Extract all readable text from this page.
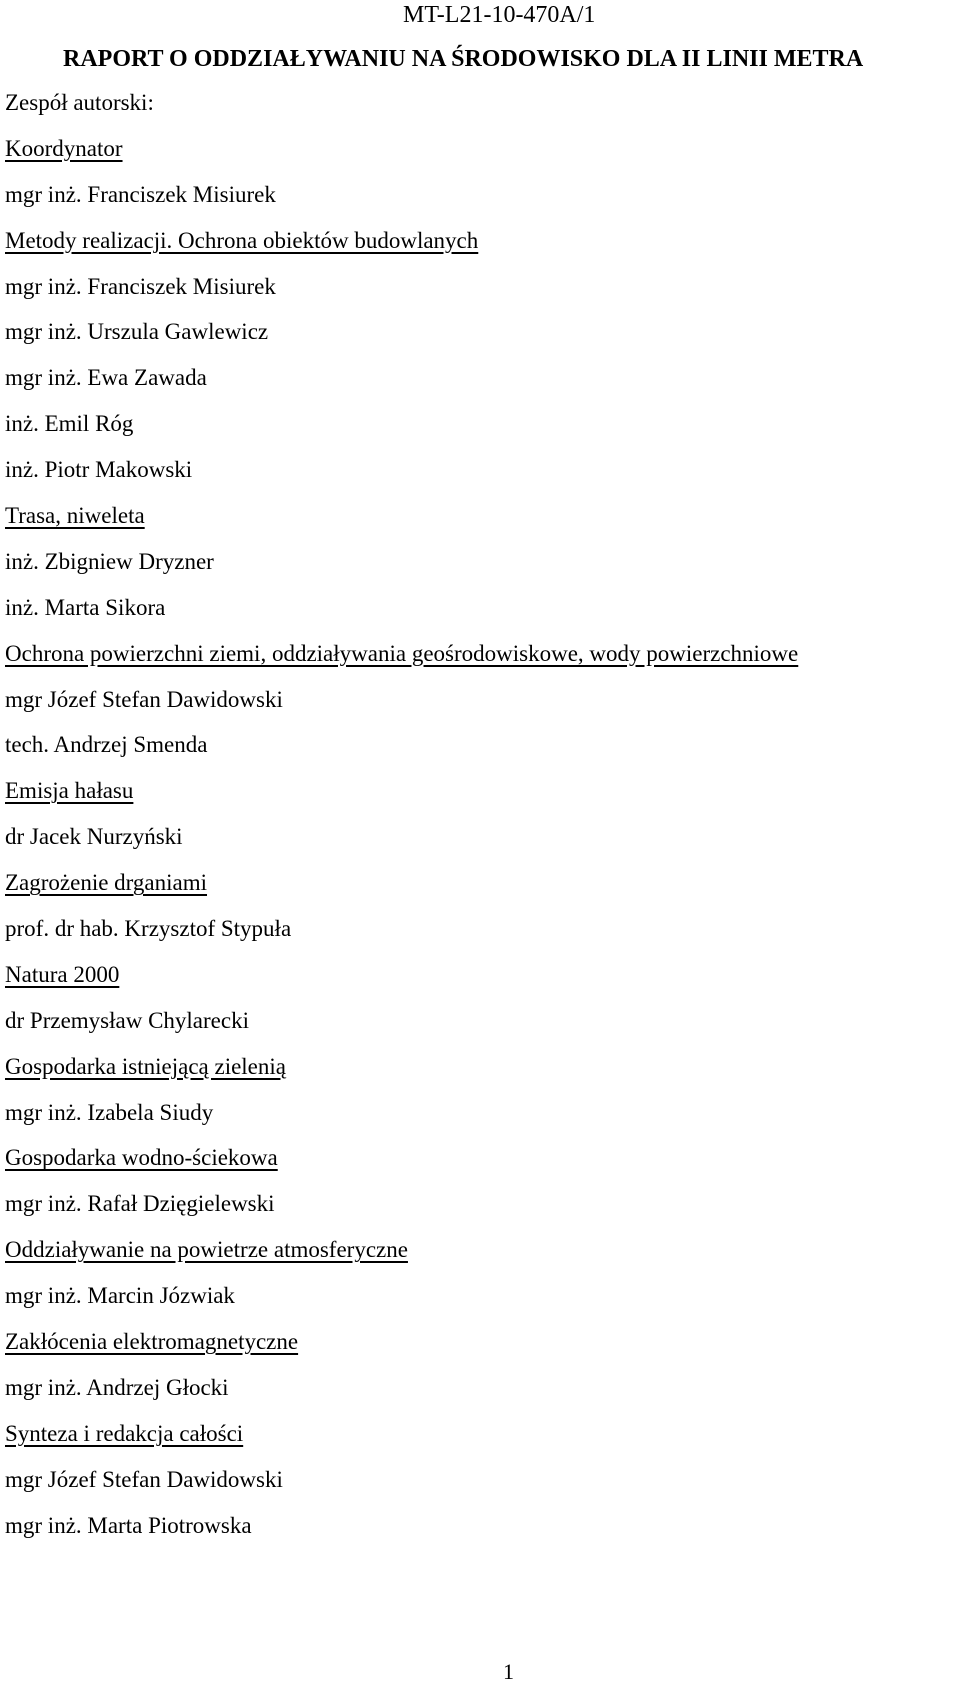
MT-L21-10-470A/1
RAPORT O ODDZIAŁYWANIU NA ŚRODOWISKO DLA II LINII METRA
Zespół autorski:
Koordynator
mgr inż. Franciszek Misiurek
Metody realizacji. Ochrona obiektów budowlanych
mgr inż. Franciszek Misiurek
mgr inż. Urszula Gawlewicz
mgr inż. Ewa Zawada
inż. Emil Róg
inż. Piotr Makowski
Trasa, niweleta
inż. Zbigniew Dryzner
inż. Marta Sikora
Ochrona powierzchni ziemi, oddziaływania geośrodowiskowe, wody powierzchniowe
mgr Józef Stefan Dawidowski
tech. Andrzej Smenda
Emisja hałasu
dr Jacek Nurzyński
Zagrożenie drganiami
prof. dr hab. Krzysztof Stypuła
Natura 2000
dr Przemysław Chylarecki
Gospodarka istniejącą zielenią
mgr inż. Izabela Siudy
Gospodarka wodno-ściekowa
mgr inż. Rafał Dzięgielewski
Oddziaływanie na powietrze atmosferyczne
mgr inż. Marcin Józwiak
Zakłócenia elektromagnetyczne
mgr inż. Andrzej Głocki
Synteza i redakcja całości
mgr Józef Stefan Dawidowski
mgr inż. Marta Piotrowska
1
